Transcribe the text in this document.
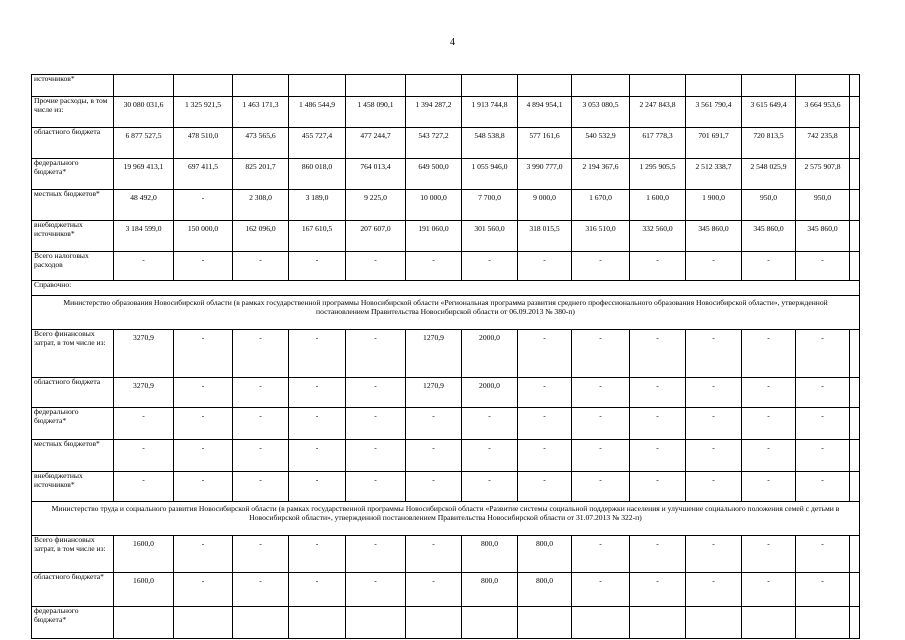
4
источников*														
Прочие расходы, в том числе из:	30 080 031,6	1 325 921,5	1 463 171,3	1 486 544,9	1 458 090,1	1 394 287,2	1 913 744,8	4 894 954,1	3 053 080,5	2 247 843,8	3 561 790,4	3 615 649,4	3 664 953,6	
областного бюджета	6 877 527,5	478 510,0	473 565,6	455 727,4	477 244,7	543 727,2	548 538,8	577 161,6	540 532,9	617 778,3	701 691,7	720 813,5	742 235,8	
федерального бюджета*	19 969 413,1	697 411,5	825 201,7	860 018,0	764 013,4	649 500,0	1 055 946,0	3 990 777,0	2 194 367,6	1 295 905,5	2 512 338,7	2 548 025,9	2 575 907,8	
местных бюджетов*	48 492,0	-	2 308,0	3 189,0	9 225,0	10 000,0	7 700,0	9 000,0	1 670,0	1 600,0	1 900,0	950,0	950,0	
внебюджетных источников*	3 184 599,0	150 000,0	162 096,0	167 610,5	207 607,0	191 060,0	301 560,0	318 015,5	316 510,0	332 560,0	345 860,0	345 860,0	345 860,0	
Всего налоговых расходов	-	-	-	-	-	-	-	-	-	-	-	-	-	
Справочно:														
Министерство образования Новосибирской области (в рамках государственной программы Новосибирской области «Региональная программа развития среднего профессионального образования Новосибирской области», утвержденной постановлением Правительства Новосибирской области от 06.09.2013 № 380-п)														
Всего финансовых затрат, в том числе из:	3270,9	-	-	-	-	1270,9	2000,0	-	-	-	-	-	-	
областного бюджета	3270,9	-	-	-	-	1270,9	2000,0	-	-	-	-	-	-	
федерального бюджета*	-	-	-	-	-	-	-	-	-	-	-	-	-	
местных бюджетов*	-	-	-	-	-	-	-	-	-	-	-	-	-	
внебюджетных источников*	-	-	-	-	-	-	-	-	-	-	-	-	-	
Министерство труда и социального развития Новосибирской области (в рамках государственной программы Новосибирской области «Развитие системы социальной поддержки населения и улучшение социального положения семей с детьми в Новосибирской области», утвержденной постановлением Правительства Новосибирской области от 31.07.2013 № 322-п)														
Всего финансовых затрат, в том числе из:	1600,0	-	-	-	-	-	800,0	800,0	-	-	-	-	-	
областного бюджета*	1600,0	-	-	-	-	-	800,0	800,0	-	-	-	-	-	
федерального бюджета*														
